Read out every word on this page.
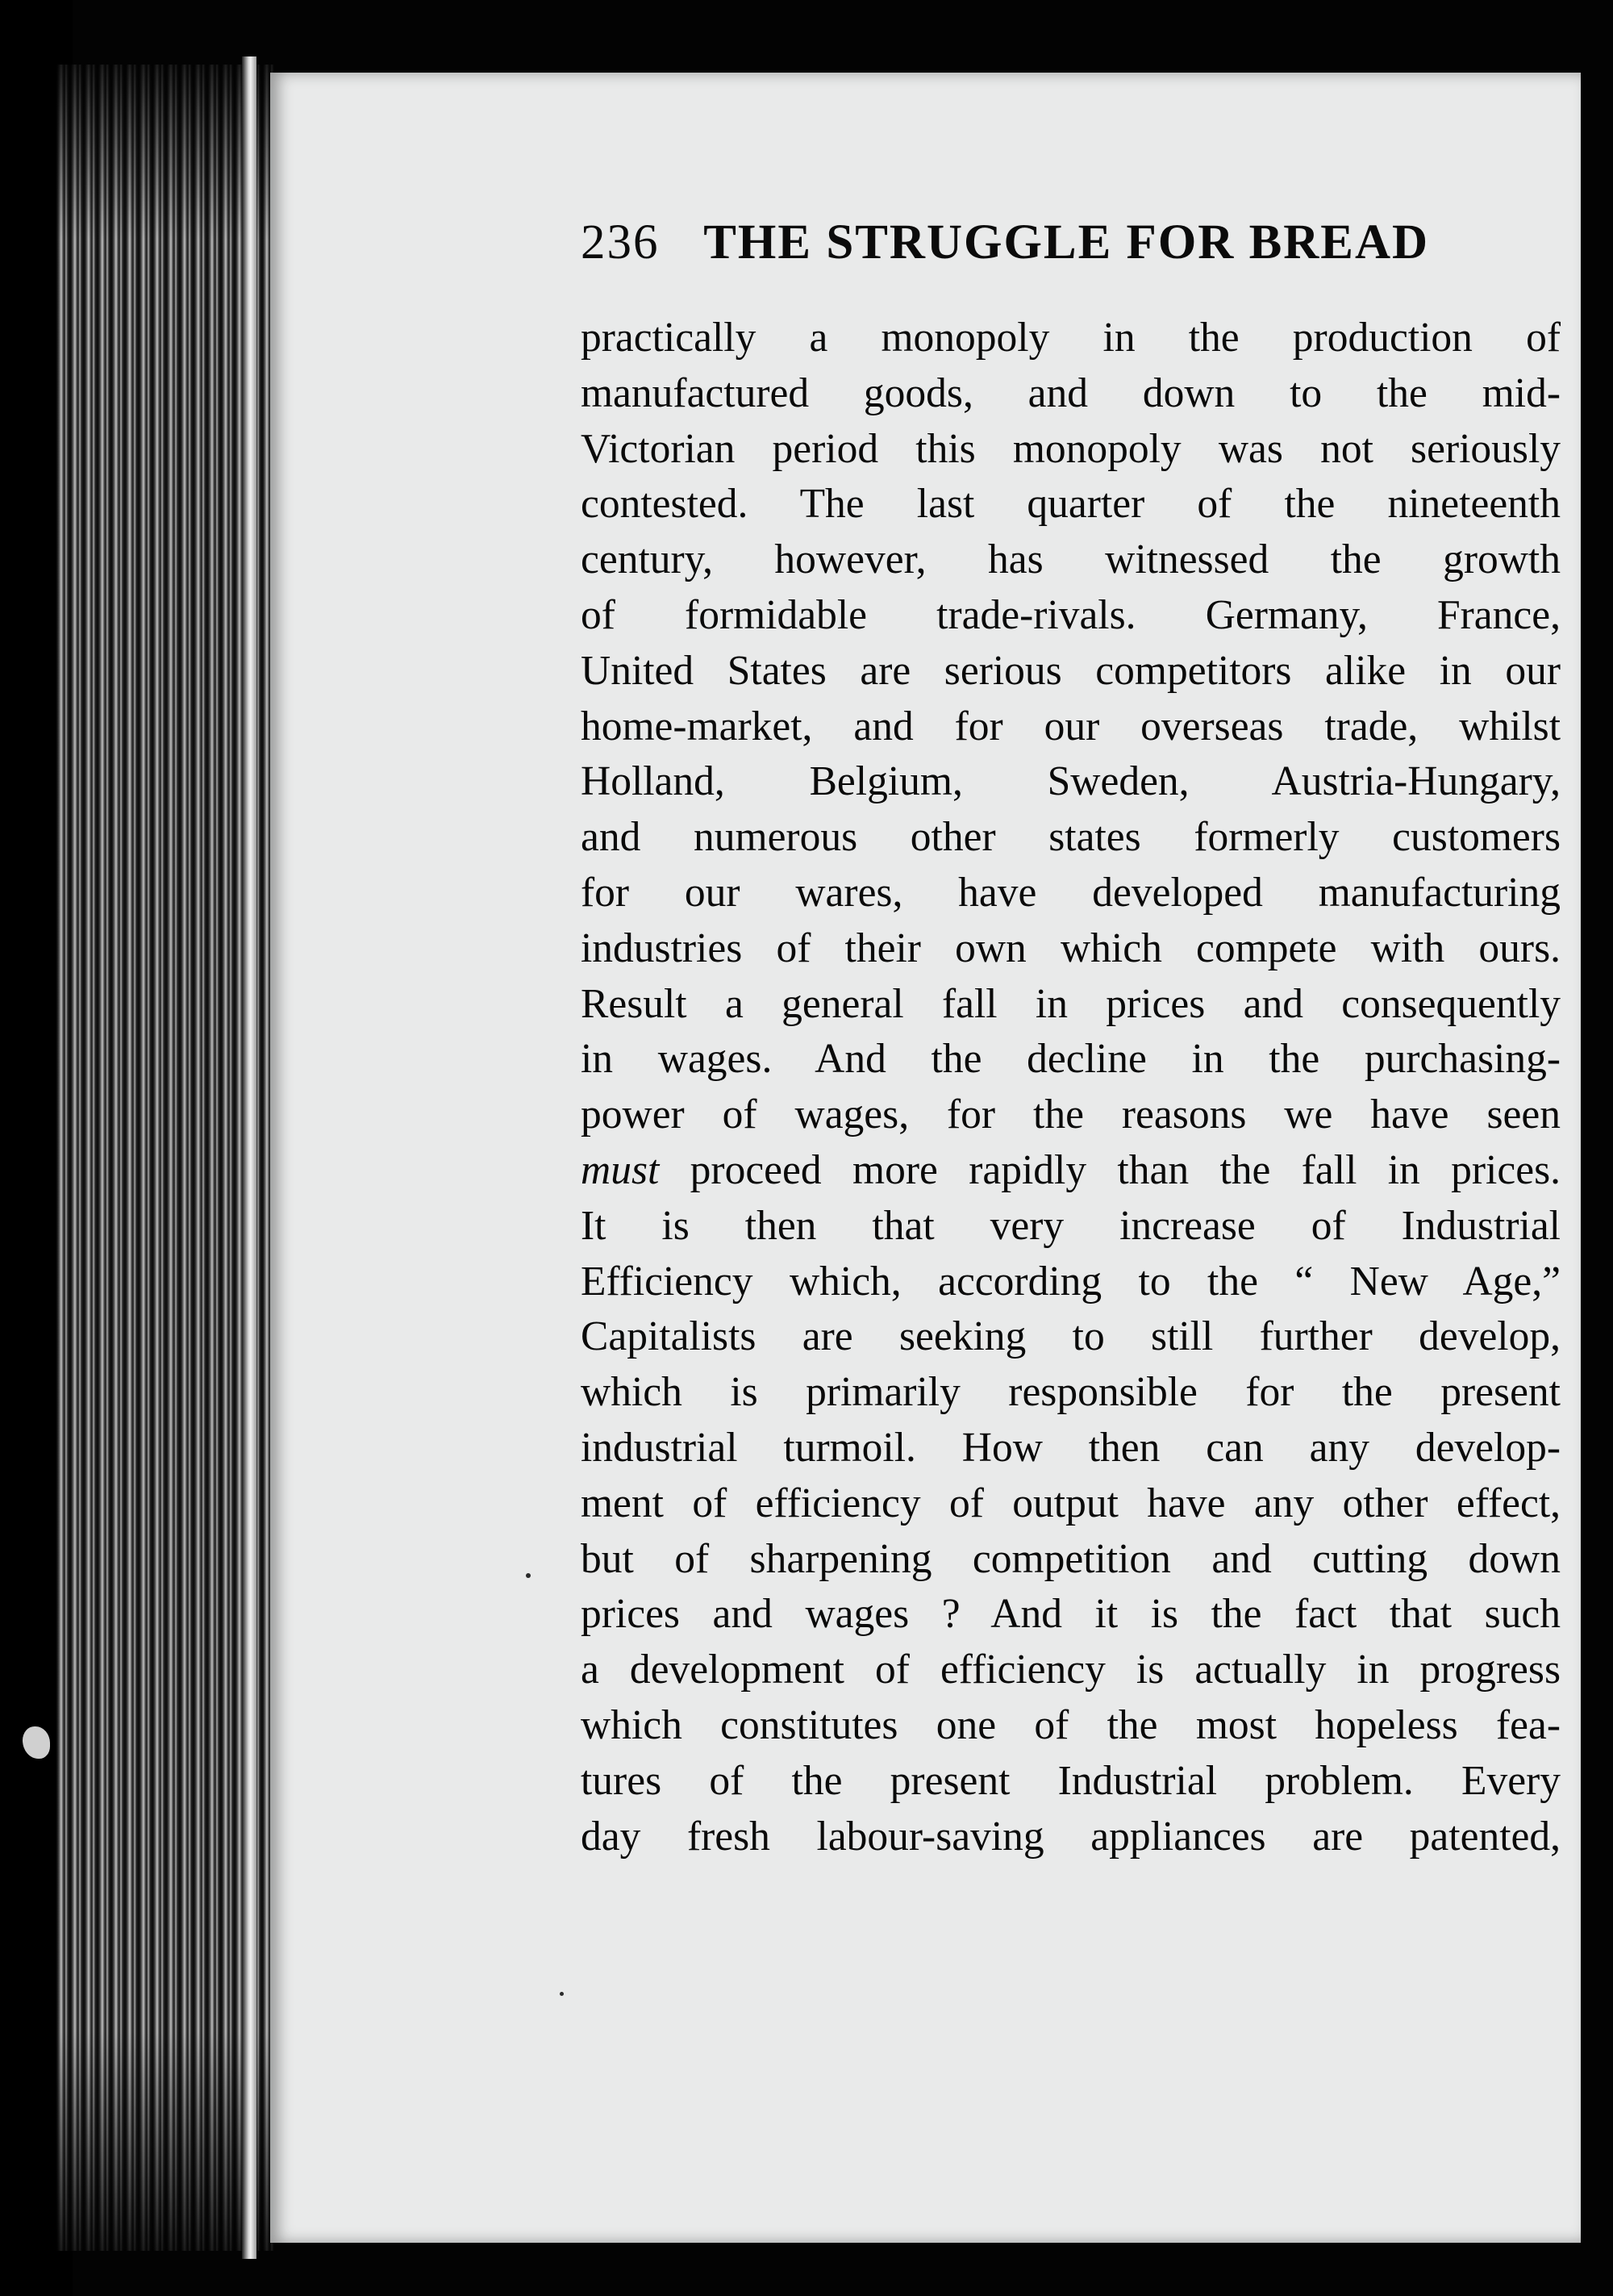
236 THE STRUGGLE FOR BREAD
practically a monopoly in the production of
manufactured goods, and down to the mid-
Victorian period this monopoly was not seriously
contested. The last quarter of the nineteenth
century, however, has witnessed the growth
of formidable trade-rivals. Germany, France,
United States are serious competitors alike in our
home-market, and for our overseas trade, whilst
Holland, Belgium, Sweden, Austria-Hungary,
and numerous other states formerly customers
for our wares, have developed manufacturing
industries of their own which compete with ours.
Result a general fall in prices and consequently
in wages. And the decline in the purchasing-
power of wages, for the reasons we have seen
must proceed more rapidly than the fall in prices.
It is then that very increase of Industrial
Efficiency which, according to the “ New Age,”
Capitalists are seeking to still further develop,
which is primarily responsible for the present
industrial turmoil. How then can any develop-
ment of efficiency of output have any other effect,
but of sharpening competition and cutting down
prices and wages ? And it is the fact that such
a development of efficiency is actually in progress
which constitutes one of the most hopeless fea-
tures of the present Industrial problem. Every
day fresh labour-saving appliances are patented,
